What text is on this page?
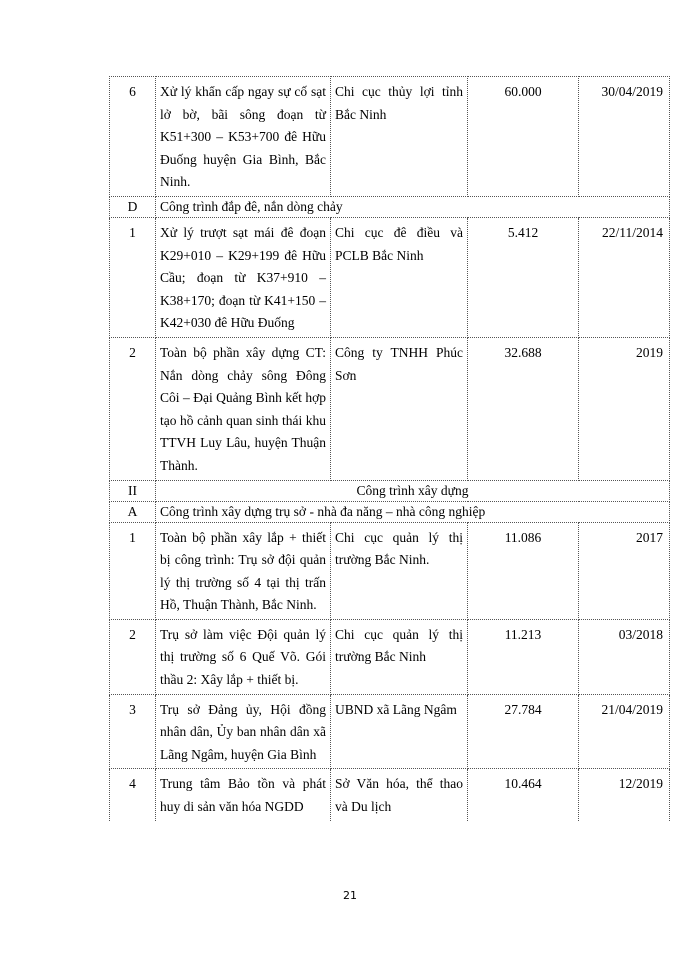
6	Xử lý khẩn cấp ngay sự cố sạt lở bờ, bãi sông đoạn từ K51+300 – K53+700 đê Hữu Đuống huyện Gia Bình, Bắc Ninh.	Chi cục thủy lợi tỉnh Bắc Ninh	60.000	30/04/2019
D	Công trình đắp đê, nắn dòng chảy			
1	Xử lý trượt sạt mái đê đoạn K29+010 – K29+199 đê Hữu Cầu; đoạn từ K37+910 – K38+170; đoạn từ K41+150 – K42+030 đê Hữu Đuống	Chi cục đê điều và PCLB Bắc Ninh	5.412	22/11/2014
2	Toàn bộ phần xây dựng CT: Nắn dòng chảy sông Đông Côi – Đại Quảng Bình kết hợp tạo hồ cảnh quan sinh thái khu TTVH Luy Lâu, huyện Thuận Thành.	Công ty TNHH Phúc Sơn	32.688	2019
II	Công trình xây dựng			
A	Công trình xây dựng trụ sở - nhà đa năng – nhà công nghiệp			
1	Toàn bộ phần xây lắp + thiết bị công trình: Trụ sở đội quản lý thị trường số 4 tại thị trấn Hồ, Thuận Thành, Bắc Ninh.	Chi cục quản lý thị trường Bắc Ninh.	11.086	2017
2	Trụ sở làm việc Đội quản lý thị trường số 6 Quế Võ. Gói thầu 2: Xây lắp + thiết bị.	Chi cục quản lý thị trường Bắc Ninh	11.213	03/2018
3	Trụ sở Đảng ủy, Hội đồng nhân dân, Ủy ban nhân dân xã Lãng Ngâm, huyện Gia Bình	UBND xã Lãng Ngâm	27.784	21/04/2019
4	Trung tâm Bảo tồn và phát huy di sản văn hóa NGDD	Sở Văn hóa, thể thao và Du lịch	10.464	12/2019
21
